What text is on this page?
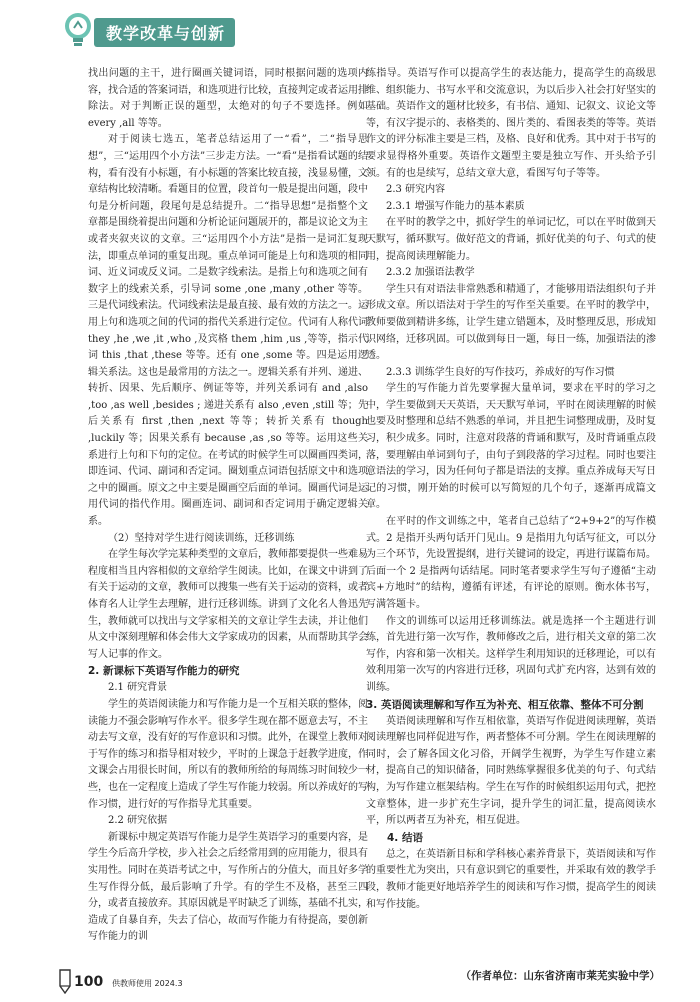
教学改革与创新

找出问题的主干，进行圈画关键词语，同时根据问题的选项内容，找合适的答案词语，和选项进行比较，直接判定或者运用排除法。对于判断正误的题型，太绝对的句子不要选择。例如 every ,all 等等。

对于阅读七选五，笔者总结运用了一“看”，二“指导思想”，三“运用四个小方法”三步走方法。一“看”是指看试题的结构，看有没有小标题，有小标题的答案比较直接，浅显易懂，文章结构比较清晰。看题目的位置，段首句一般是提出问题，段中句是分析问题，段尾句是总结提升。二“指导思想”是指整个文章都是围绕着提出问题和分析论证问题展开的，都是议论文为主或者夹叙夹议的文章。三“运用四个小方法”是指一是词汇复现法，即重点单词的重复出现。重点单词可能是上句和选项的相同词、近义词或反义词。二是数字线索法。是指上句和选项之间有数字上的线索关系，引导词 some ,one ,many ,other 等等。三是代词线索法。代词线索法是最直接、最有效的方法之一。运用上句和选项之间的代词的指代关系进行定位。代词有人称代词 they ,he ,we ,it ,who ,及宾格 them ,him ,us ,等等，指示代词 this ,that ,these 等等。还有 one ,some 等。四是运用逻辑关系法。这也是最常用的方法之一。逻辑关系有并列、递进、转折、因果、先后顺序、例证等等，并列关系词有 and ,also ,too ,as well ,besides ; 递进关系有 also ,even ,still 等；先后关系有 first ,then ,next 等等；转折关系有 though ,luckily 等；因果关系有 because ,as ,so 等等。运用这些关系进行上句和下句的定位。在考试的时候学生可以圈画四类词，即连词、代词、副词和否定词。圈划重点词语包括原文中和选项之中的圈画。原文之中主要是圈画空后面的单词。圈画代词是运用代词的指代作用。圈画连词、副词和否定词用于确定逻辑关系。

（2）坚持对学生进行阅读训练，迁移训练

在学生每次学完某种类型的文章后，教师都要提供一些难易程度相当且内容相似的文章给学生阅读。比如，在课文中讲到了有关于运动的文章，教师可以搜集一些有关于运动的资料，或者体育名人让学生去理解，进行迁移训练。讲到了文化名人鲁迅先生，教师就可以找出与文学家相关的文章让学生去读，并让他们从文中深刻理解和体会伟大文学家成功的因素，从而帮助其学会写人记事的作文。

2. 新课标下英语写作能力的研究
2.1 研究背景

学生的英语阅读能力和写作能力是一个互相关联的整体，阅读能力不强会影响写作水平。很多学生现在都不愿意去写，不主动去写文章，没有好的写作意识和习惯。此外，在课堂上教师对于写作的练习和指导相对较少，平时的上课急于赶教学进度，作文课会占用很长时间，所以有的教师所给的每周练习时间较少一些，也在一定程度上造成了学生写作能力较弱。所以养成好的写作习惯，进行好的写作指导尤其重要。

2.2 研究依据

新课标中规定英语写作能力是学生英语学习的重要内容，是学生今后高升学校，步入社会之后经常用到的应用能力，很具有实用性。同时在英语考试之中，写作所占的分值大，而且好多学生写作得分低，最后影响了升学。有的学生不及格，甚至三四分，或者直接放弃。其原因就是平时缺乏了训练，基础不扎实，造成了自暴自弃，失去了信心，故而写作能力有待提高，要创新写作能力的训

练指导。英语写作可以提高学生的表达能力，提高学生的高级思维、组织能力、书写水平和交流意识，为以后步入社会打好坚实的基础。英语作文的题材比较多，有书信、通知、记叙文、议论文等等，有汉字提示的、表格类的、图片类的、看图表类的等等。英语作文的评分标准主要是三档，及格、良好和优秀。其中对于书写的要求显得格外重要。英语作文题型主要是独立写作、开头给予引领。有的也是续写，总结文章大意，看图写句子等等。

2.3 研究内容
2.3.1 增强写作能力的基本素质

在平时的教学之中，抓好学生的单词记忆，可以在平时做到天天默写，循环默写。做好范文的背诵，抓好优美的句子、句式的使用，提高阅读理解能力。

2.3.2 加强语法教学

学生只有对语法非常熟悉和精通了，才能够用语法组织句子并形成文章。所以语法对于学生的写作至关重要。在平时的教学中，教师要做到精讲多练，让学生建立错题本，及时整理反思，形成知识网络，迁移巩固。可以做到每日一题，每日一练，加强语法的渗透。

2.3.3 训练学生良好的写作技巧，养成好的写作习惯

学生的写作能力首先要掌握大量单词，要求在平时的学习之中，学生要做到天天英语，天天默写单词，平时在阅读理解的时候也要及时整理和总结不熟悉的单词，并且把生词整理成册，及时复习，积少成多。同时，注意对段落的背诵和默写，及时背诵重点段落，要理解由单词到句子，由句子到段落的学习过程。同时也要注意语法的学习，因为任何句子都是语法的支撑。重点养成每天写日记的习惯，刚开始的时候可以写简短的几个句子，逐渐再成篇文章。

在平时的作文训练之中，笔者自己总结了“2+9+2”的写作模式。2 是指开头两句话开门见山。9 是指用九句话写征文，可以分为三个环节，先设置提纲，进行关键词的设定，再进行谋篇布局。后面一个 2 是指两句话结尾。同时笔者要求学生写句子遵循“主动宾+方地时”的结构，遵循有评述，有评论的原则。衡水体书写，写满答题卡。

作文的训练可以运用迁移训练法。就是选择一个主题进行训练，首先进行第一次写作，教师修改之后，进行相关文章的第二次写作，内容和第一次相关。这样学生利用知识的迁移理论，可以有效利用第一次写的内容进行迁移，巩固句式扩充内容，达到有效的训练。

3. 英语阅读理解和写作互为补充、相互依靠、整体不可分割

英语阅读理解和写作互相依靠，英语写作促进阅读理解，英语阅读理解也同样促进写作，两者整体不可分割。学生在阅读理解的同时，会了解各国文化习俗，开阔学生视野，为学生写作建立素材，提高自己的知识储备，同时熟练掌握很多优美的句子、句式结构，为写作建立框架结构。学生在写作的时候组织运用句式，把控文章整体，进一步扩充生字词，提升学生的词汇量，提高阅读水平，所以两者互为补充，相互促进。

4. 结语

总之，在英语新目标和学科核心素养背景下，英语阅读和写作的重要性尤为突出，只有意识到它的重要性，并采取有效的教学手段，教师才能更好地培养学生的阅读和写作习惯，提高学生的阅读和写作技能。

100 供教师使用 2024.3
（作者单位：山东省济南市莱芜实验中学）
